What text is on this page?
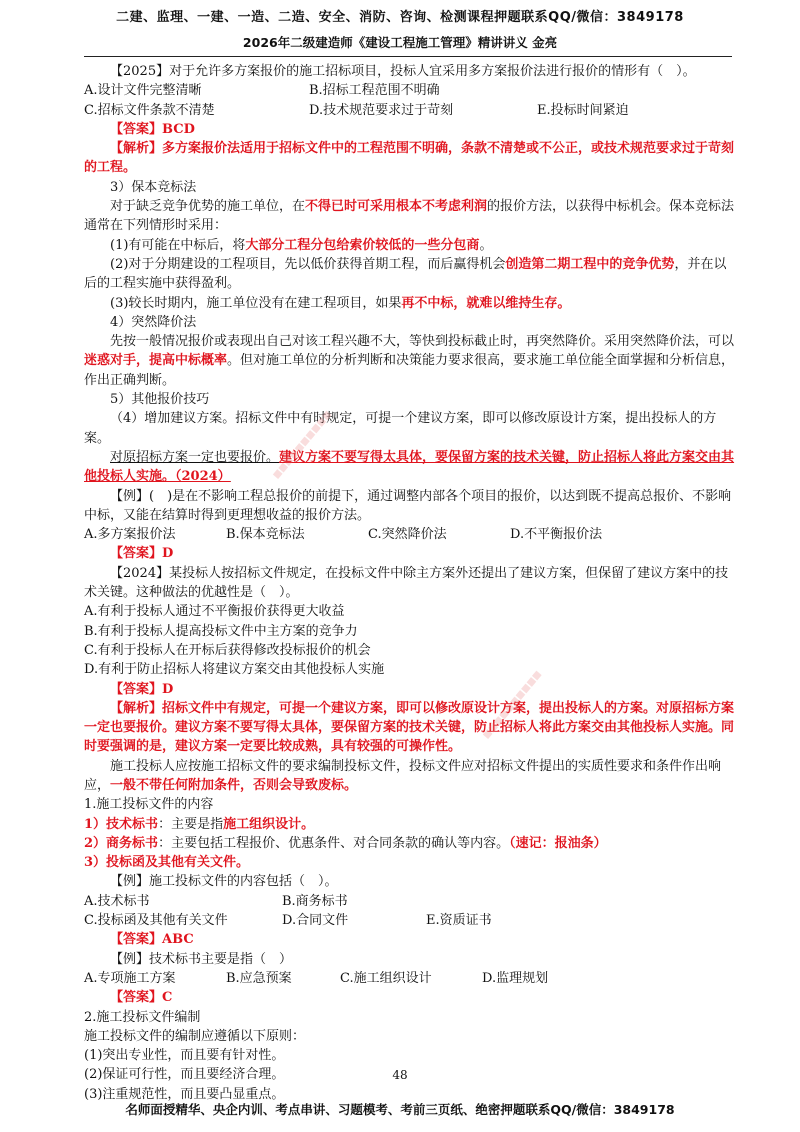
二建、监理、一建、一造、二造、安全、消防、咨询、检测课程押题联系QQ/微信：3849178
2026年二级建造师《建设工程施工管理》精讲讲义 金亮

【2025】对于允许多方案报价的施工招标项目，投标人宜采用多方案报价法进行报价的情形有（　）。

A.设计文件完整清晰	B.招标工程范围不明确
C.招标文件条款不清楚	D.技术规范要求过于苛刻	E.投标时间紧迫

【答案】BCD

【解析】多方案报价法适用于招标文件中的工程范围不明确，条款不清楚或不公正，或技术规范要求过于苛刻的工程。

3）保本竞标法

对于缺乏竞争优势的施工单位，在不得已时可采用根本不考虑利润的报价方法，以获得中标机会。保本竞标法通常在下列情形时采用：

(1)有可能在中标后，将大部分工程分包给索价较低的一些分包商。

(2)对于分期建设的工程项目，先以低价获得首期工程，而后赢得机会创造第二期工程中的竞争优势，并在以后的工程实施中获得盈利。

(3)较长时期内，施工单位没有在建工程项目，如果再不中标，就难以维持生存。

4）突然降价法

先按一般情况报价或表现出自己对该工程兴趣不大，等快到投标截止时，再突然降价。采用突然降价法，可以迷惑对手，提高中标概率。但对施工单位的分析判断和决策能力要求很高，要求施工单位能全面掌握和分析信息，作出正确判断。

5）其他报价技巧

（4）增加建议方案。招标文件中有时规定，可提一个建议方案，即可以修改原设计方案，提出投标人的方案。

对原招标方案一定也要报价。建议方案不要写得太具体，要保留方案的技术关键，防止招标人将此方案交由其他投标人实施。（2024）

【例】(　)是在不影响工程总报价的前提下，通过调整内部各个项目的报价，以达到既不提高总报价、不影响中标，又能在结算时得到更理想收益的报价方法。

A.多方案报价法	B.保本竞标法	C.突然降价法	D.不平衡报价法

【答案】D

【2024】某投标人按招标文件规定，在投标文件中除主方案外还提出了建议方案，但保留了建议方案中的技术关键。这种做法的优越性是（　）。

A.有利于投标人通过不平衡报价获得更大收益

B.有利于投标人提高投标文件中主方案的竞争力

C.有利于投标人在开标后获得修改投标报价的机会

D.有利于防止招标人将建议方案交由其他投标人实施

【答案】D

【解析】招标文件中有规定，可提一个建议方案，即可以修改原设计方案，提出投标人的方案。对原招标方案一定也要报价。建议方案不要写得太具体，要保留方案的技术关键，防止招标人将此方案交由其他投标人实施。同时要强调的是，建议方案一定要比较成熟，具有较强的可操作性。

施工投标人应按施工招标文件的要求编制投标文件，投标文件应对招标文件提出的实质性要求和条件作出响应，一般不带任何附加条件，否则会导致废标。

1.施工投标文件的内容

1）技术标书：主要是指施工组织设计。

2）商务标书：主要包括工程报价、优惠条件、对合同条款的确认等内容。（速记：报油条）

3）投标函及其他有关文件。

【例】施工投标文件的内容包括（　）。

A.技术标书	B.商务标书
C.投标函及其他有关文件	D.合同文件	E.资质证书

【答案】ABC

【例】技术标书主要是指（　）

A.专项施工方案	B.应急预案	C.施工组织设计	D.监理规划

【答案】C

2.施工投标文件编制

施工投标文件的编制应遵循以下原则：

(1)突出专业性，而且要有针对性。

(2)保证可行性，而且要经济合理。

(3)注重规范性，而且要凸显重点。

■■■■■■■■■■
■■■■■■■■■■
48
名师面授精华、央企内训、考点串讲、习题模考、考前三页纸、绝密押题联系QQ/微信：3849178
